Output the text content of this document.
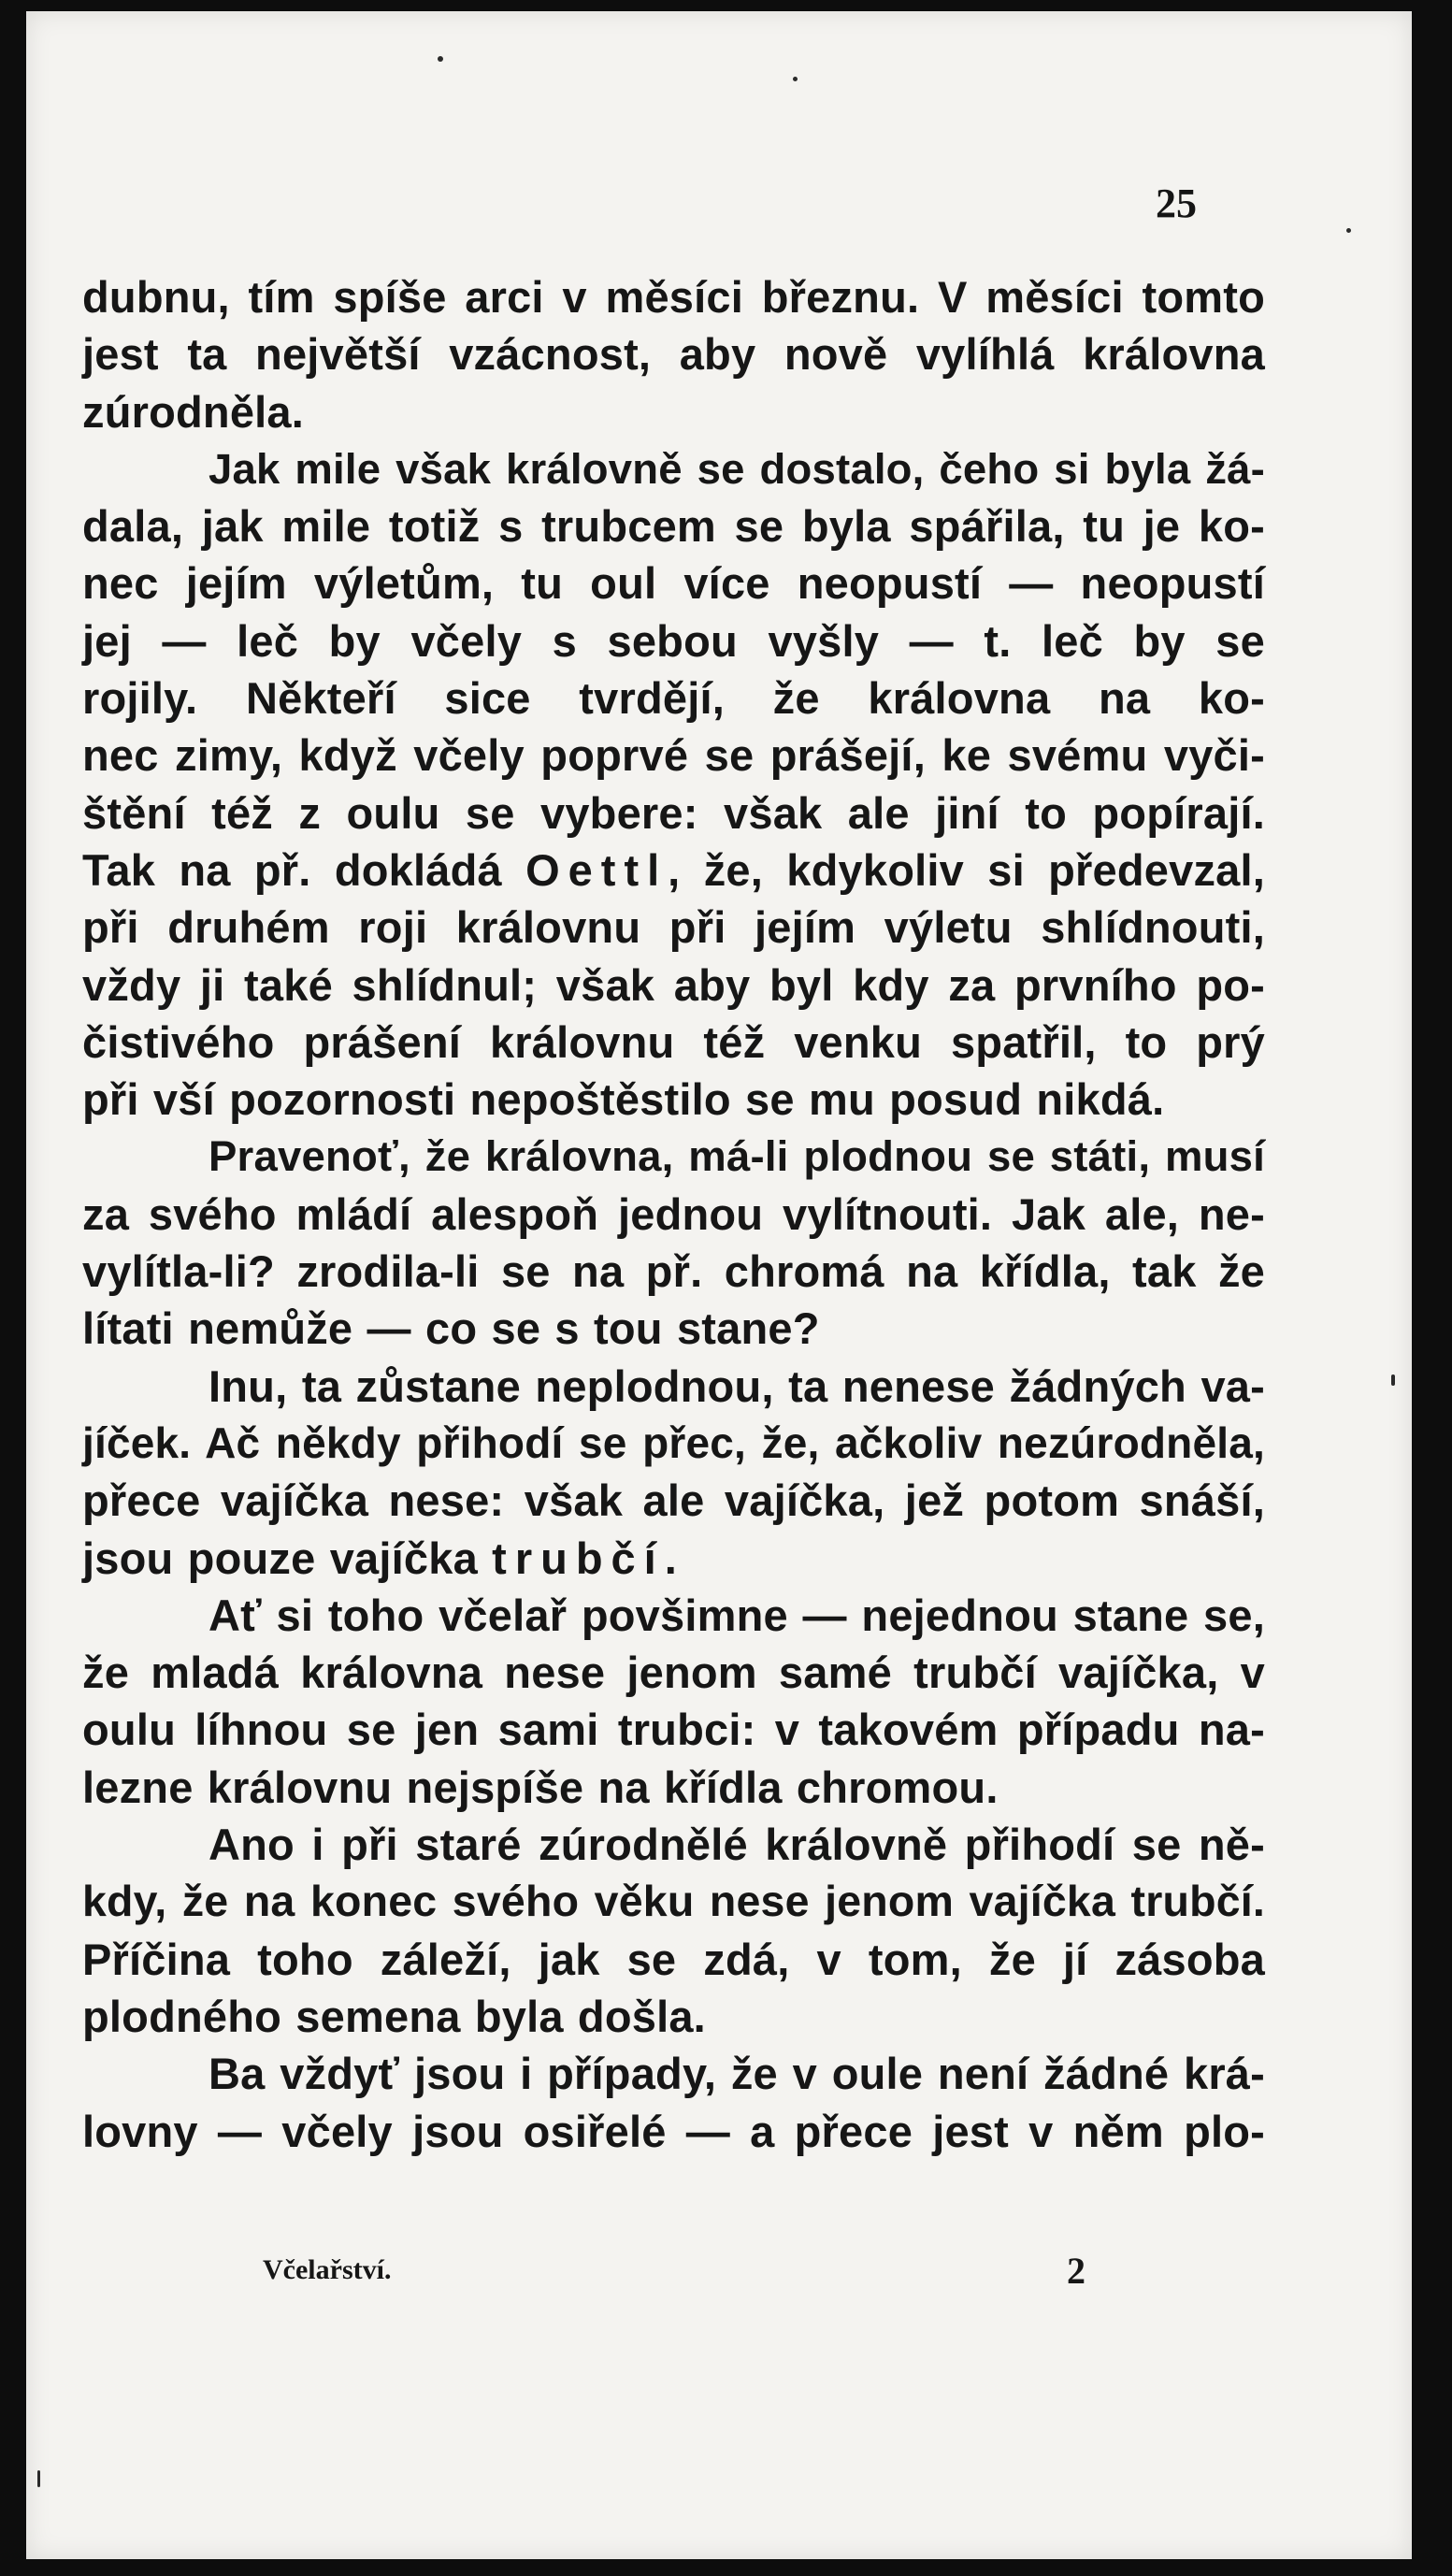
25

dubnu, tím spíše arci v měsíci březnu. V měsíci tomto
jest ta největší vzácnost, aby nově vylíhlá královna
zúrodněla.
Jak mile však královně se dostalo, čeho si byla žá-
dala, jak mile totiž s trubcem se byla spářila, tu je ko-
nec jejím výletům, tu oul více neopustí — neopustí
jej — leč by včely s sebou vyšly — t. leč by se
rojily. Někteří sice tvrdějí, že královna na ko-
nec zimy, když včely poprvé se prášejí, ke svému vyči-
štění též z oulu se vybere: však ale jiní to popírají.
Tak na př. dokládá Oettl, že, kdykoliv si předevzal,
při druhém roji královnu při jejím výletu shlídnouti,
vždy ji také shlídnul; však aby byl kdy za prvního po-
čistivého prášení královnu též venku spatřil, to prý
při vší pozornosti nepoštěstilo se mu posud nikdá.
Pravenoť, že královna, má-li plodnou se státi, musí
za svého mládí alespoň jednou vylítnouti. Jak ale, ne-
vylítla-li? zrodila-li se na př. chromá na křídla, tak že
lítati nemůže — co se s tou stane?
Inu, ta zůstane neplodnou, ta nenese žádných va-
jíček. Ač někdy přihodí se přec, že, ačkoliv nezúrodněla,
přece vajíčka nese: však ale vajíčka, jež potom snáší,
jsou pouze vajíčka trubčí.
Ať si toho včelař povšimne — nejednou stane se,
že mladá královna nese jenom samé trubčí vajíčka, v
oulu líhnou se jen sami trubci: v takovém případu na-
lezne královnu nejspíše na křídla chromou.
Ano i při staré zúrodnělé královně přihodí se ně-
kdy, že na konec svého věku nese jenom vajíčka trubčí.
Příčina toho záleží, jak se zdá, v tom, že jí zásoba
plodného semena byla došla.
Ba vždyť jsou i případy, že v oule není žádné krá-
lovny — včely jsou osiřelé — a přece jest v něm plo-
Včelařství.	2
